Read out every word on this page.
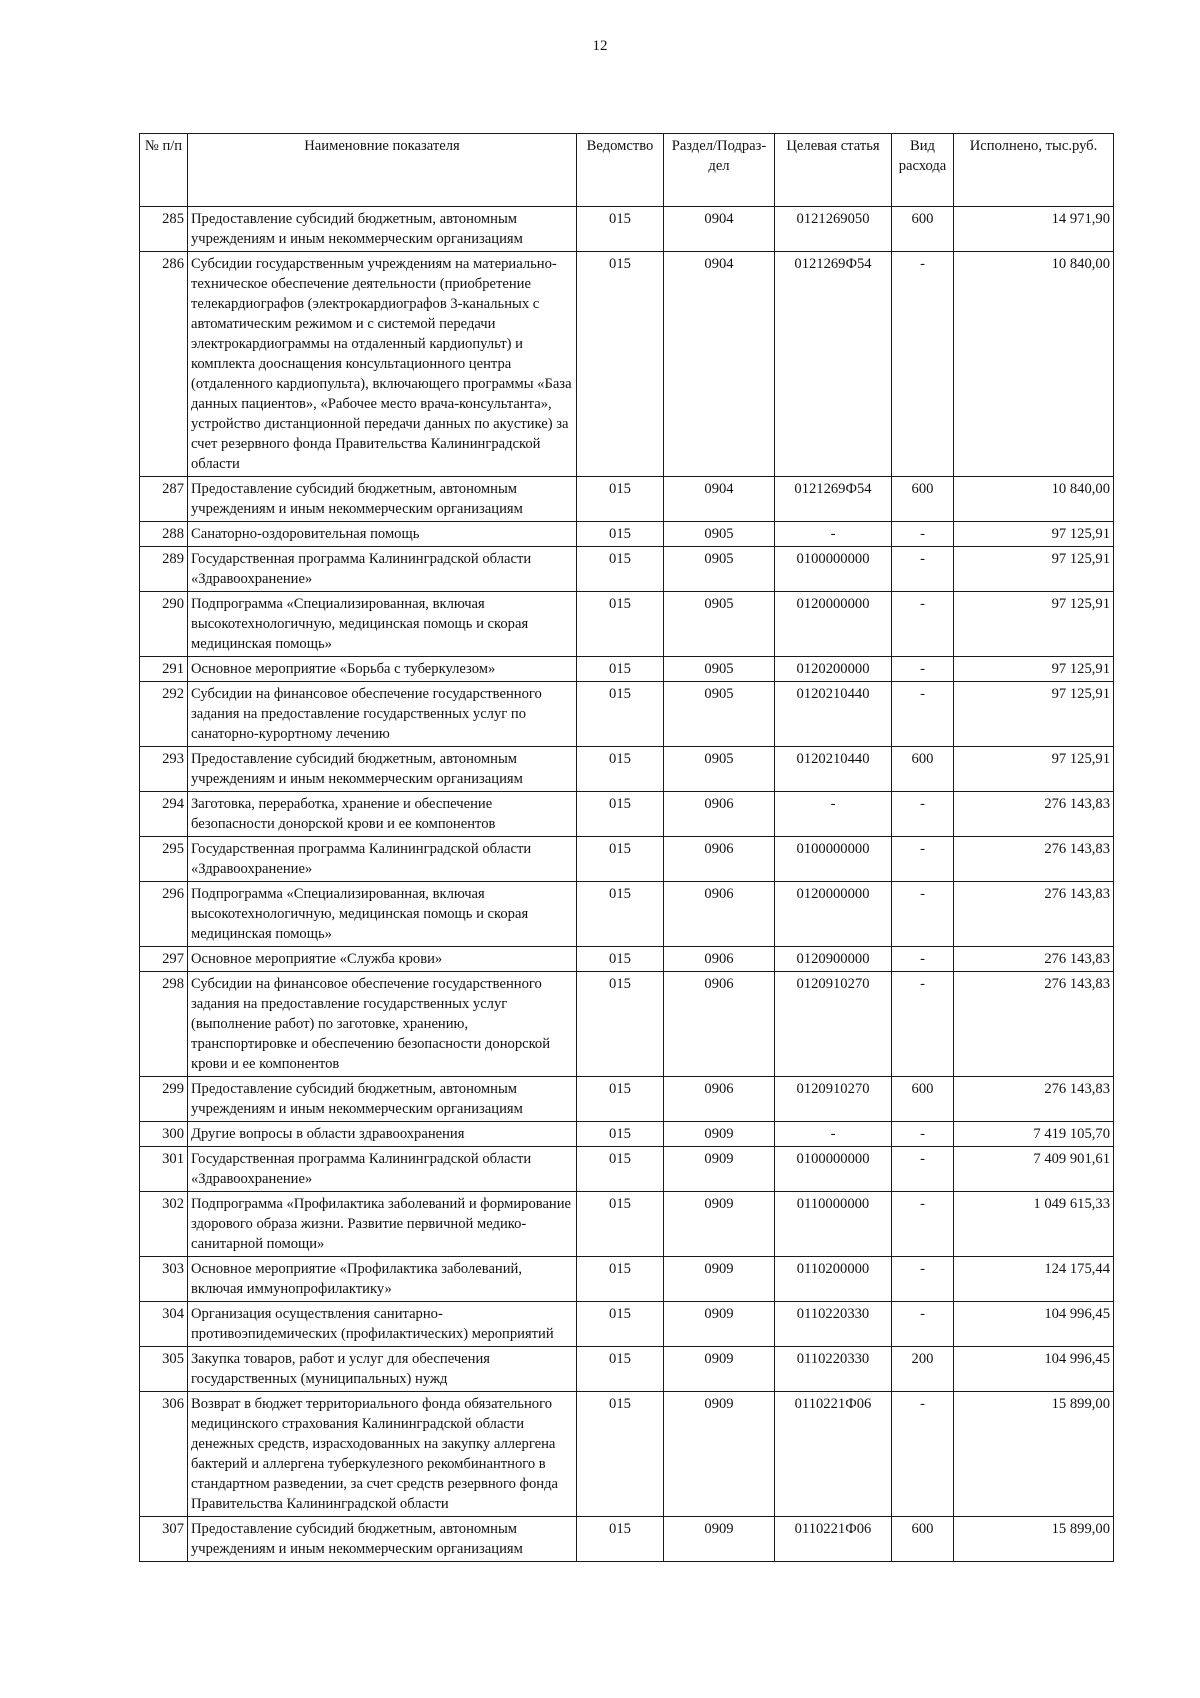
12
№ п/п	Наименовние показателя	Ведомство	Раздел/Подраз-дел	Целевая статья	Вид расхода	Исполнено, тыс.руб.
285	Предоставление субсидий бюджетным, автономным учреждениям и иным некоммерческим организациям	015	0904	0121269050	600	14 971,90
286	Субсидии государственным учреждениям на материально-техническое обеспечение деятельности (приобретение телекардиографов (электрокардиографов 3-канальных с автоматическим режимом и с системой передачи электрокардиограммы на отдаленный кардиопульт) и комплекта дооснащения консультационного центра (отдаленного кардиопульта), включающего программы «База данных пациентов», «Рабочее место врача-консультанта», устройство дистанционной передачи данных по акустике) за счет резервного фонда Правительства Калининградской области	015	0904	0121269Ф54	-	10 840,00
287	Предоставление субсидий бюджетным, автономным учреждениям и иным некоммерческим организациям	015	0904	0121269Ф54	600	10 840,00
288	Санаторно-оздоровительная помощь	015	0905	-	-	97 125,91
289	Государственная программа Калининградской области «Здравоохранение»	015	0905	0100000000	-	97 125,91
290	Подпрограмма «Специализированная, включая высокотехнологичную, медицинская помощь и скорая медицинская помощь»	015	0905	0120000000	-	97 125,91
291	Основное мероприятие «Борьба с туберкулезом»	015	0905	0120200000	-	97 125,91
292	Субсидии на финансовое обеспечение государственного задания на предоставление государственных услуг по санаторно-курортному лечению	015	0905	0120210440	-	97 125,91
293	Предоставление субсидий бюджетным, автономным учреждениям и иным некоммерческим организациям	015	0905	0120210440	600	97 125,91
294	Заготовка, переработка, хранение и обеспечение безопасности донорской крови и ее компонентов	015	0906	-	-	276 143,83
295	Государственная программа Калининградской области «Здравоохранение»	015	0906	0100000000	-	276 143,83
296	Подпрограмма «Специализированная, включая высокотехнологичную, медицинская помощь и скорая медицинская помощь»	015	0906	0120000000	-	276 143,83
297	Основное мероприятие «Служба крови»	015	0906	0120900000	-	276 143,83
298	Субсидии на финансовое обеспечение государственного задания на предоставление государственных услуг (выполнение работ) по заготовке, хранению, транспортировке и обеспечению безопасности донорской крови и ее компонентов	015	0906	0120910270	-	276 143,83
299	Предоставление субсидий бюджетным, автономным учреждениям и иным некоммерческим организациям	015	0906	0120910270	600	276 143,83
300	Другие вопросы в области здравоохранения	015	0909	-	-	7 419 105,70
301	Государственная программа Калининградской области «Здравоохранение»	015	0909	0100000000	-	7 409 901,61
302	Подпрограмма «Профилактика заболеваний и формирование здорового образа жизни. Развитие первичной медико-санитарной помощи»	015	0909	0110000000	-	1 049 615,33
303	Основное мероприятие «Профилактика заболеваний, включая иммунопрофилактику»	015	0909	0110200000	-	124 175,44
304	Организация осуществления санитарно-противоэпидемических (профилактических) мероприятий	015	0909	0110220330	-	104 996,45
305	Закупка товаров, работ и услуг для обеспечения государственных (муниципальных) нужд	015	0909	0110220330	200	104 996,45
306	Возврат в бюджет территориального фонда обязательного медицинского страхования Калининградской области денежных средств, израсходованных на закупку аллергена бактерий и аллергена туберкулезного рекомбинантного в стандартном разведении, за счет средств резервного фонда Правительства Калининградской области	015	0909	0110221Ф06	-	15 899,00
307	Предоставление субсидий бюджетным, автономным учреждениям и иным некоммерческим организациям	015	0909	0110221Ф06	600	15 899,00
